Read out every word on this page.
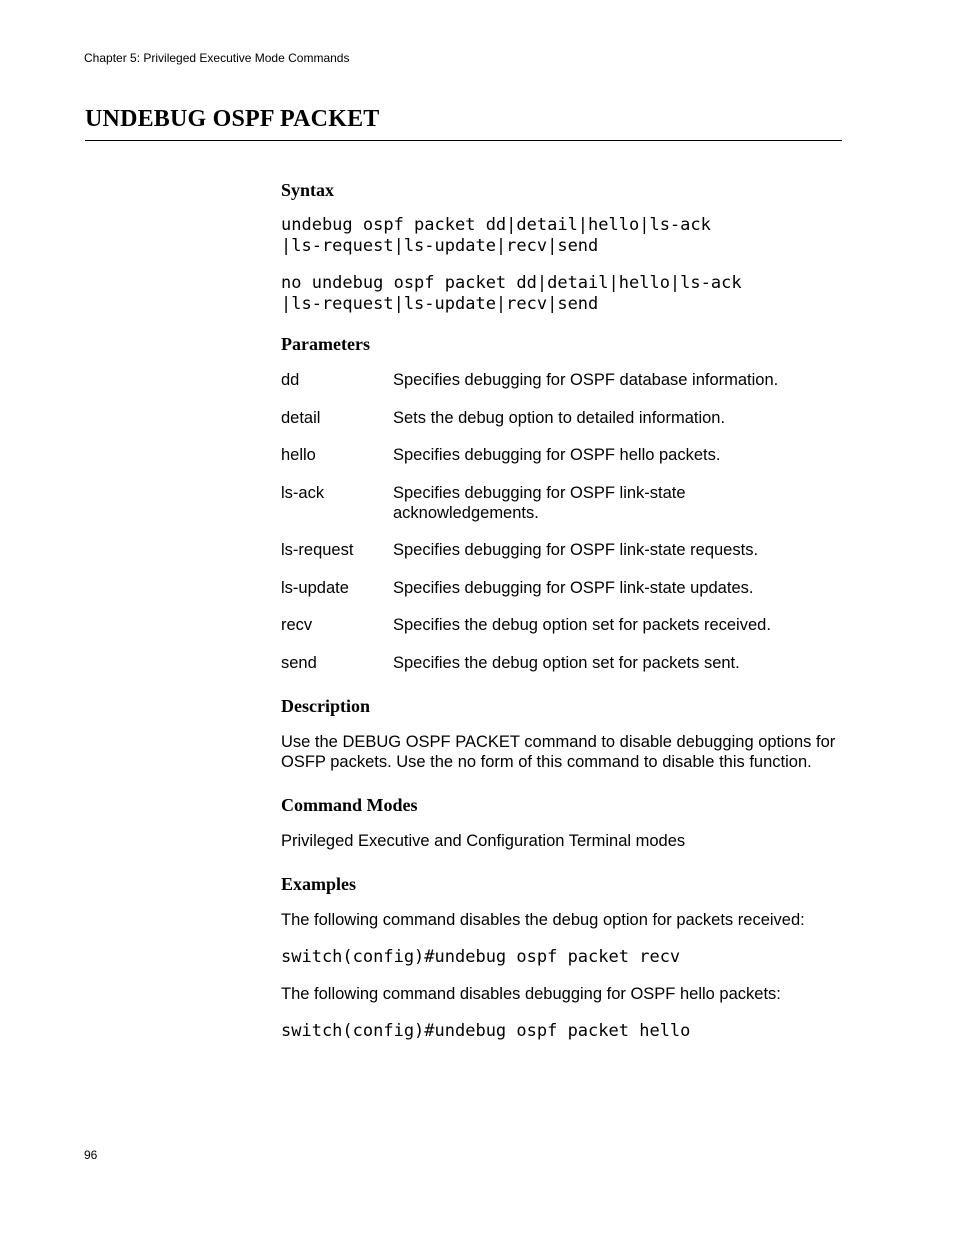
Chapter 5: Privileged Executive Mode Commands
UNDEBUG OSPF PACKET
Syntax
undebug ospf packet dd|detail|hello|ls-ack
|ls-request|ls-update|recv|send
no undebug ospf packet dd|detail|hello|ls-ack
|ls-request|ls-update|recv|send
Parameters
dd	Specifies debugging for OSPF database information.
detail	Sets the debug option to detailed information.
hello	Specifies debugging for OSPF hello packets.
ls-ack	Specifies debugging for OSPF link-state acknowledgements.
ls-request	Specifies debugging for OSPF link-state requests.
ls-update	Specifies debugging for OSPF link-state updates.
recv	Specifies the debug option set for packets received.
send	Specifies the debug option set for packets sent.
Description

Use the DEBUG OSPF PACKET command to disable debugging options for OSFP packets. Use the no form of this command to disable this function.

Command Modes

Privileged Executive and Configuration Terminal modes

Examples

The following command disables the debug option for packets received:

switch(config)#undebug ospf packet recv

The following command disables debugging for OSPF hello packets:

switch(config)#undebug ospf packet hello
96
